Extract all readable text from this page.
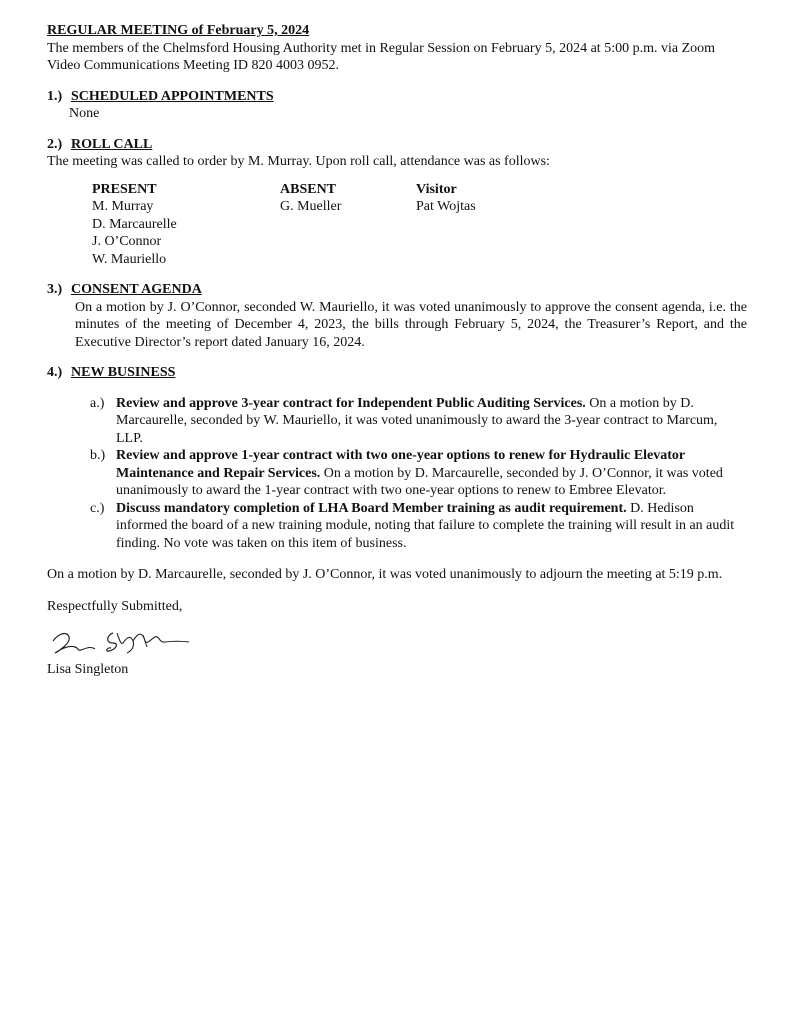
REGULAR MEETING of February 5, 2024

The members of the Chelmsford Housing Authority met in Regular Session on February 5, 2024 at 5:00 p.m. via Zoom Video Communications Meeting ID 820 4003 0952.

1.) SCHEDULED APPOINTMENTS

None

2.) ROLL CALL

The meeting was called to order by M. Murray. Upon roll call, attendance was as follows:

PRESENT
M. Murray
D. Marcaurelle
J. O’Connor
W. Mauriello
ABSENT
G. Mueller
Visitor
Pat Wojtas
3.) CONSENT AGENDA

On a motion by J. O’Connor, seconded W. Mauriello, it was voted unanimously to approve the consent agenda, i.e. the minutes of the meeting of December 4, 2023, the bills through February 5, 2024, the Treasurer’s Report, and the Executive Director’s report dated January 16, 2024.

4.) NEW BUSINESS
a.) Review and approve 3-year contract for Independent Public Auditing Services. On a motion by D. Marcaurelle, seconded by W. Mauriello, it was voted unanimously to award the 3-year contract to Marcum, LLP.
b.) Review and approve 1-year contract with two one-year options to renew for Hydraulic Elevator Maintenance and Repair Services. On a motion by D. Marcaurelle, seconded by J. O’Connor, it was voted unanimously to award the 1-year contract with two one-year options to renew to Embree Elevator.
c.) Discuss mandatory completion of LHA Board Member training as audit requirement. D. Hedison informed the board of a new training module, noting that failure to complete the training will result in an audit finding. No vote was taken on this item of business.

On a motion by D. Marcaurelle, seconded by J. O’Connor, it was voted unanimously to adjourn the meeting at 5:19 p.m.

Respectfully Submitted,

Lisa Singleton
